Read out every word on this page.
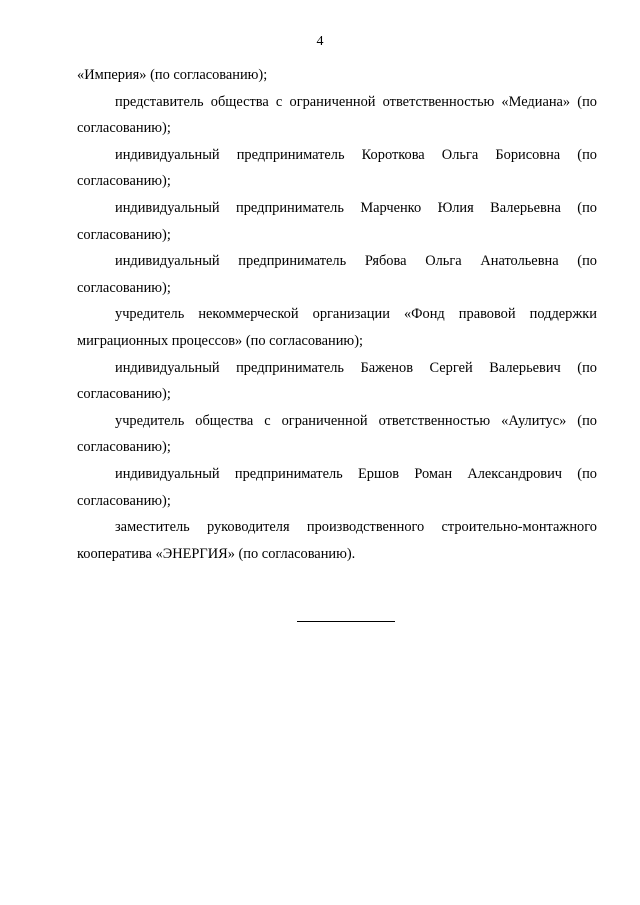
4

«Империя» (по согласованию);

представитель общества с ограниченной ответственностью «Медиана» (по согласованию);

индивидуальный предприниматель Короткова Ольга Борисовна (по согласованию);

индивидуальный предприниматель Марченко Юлия Валерьевна (по согласованию);

индивидуальный предприниматель Рябова Ольга Анатольевна (по согласованию);

учредитель некоммерческой организации «Фонд правовой поддержки миграционных процессов» (по согласованию);

индивидуальный предприниматель Баженов Сергей Валерьевич (по согласованию);

учредитель общества с ограниченной ответственностью «Аулитус» (по согласованию);

индивидуальный предприниматель Ершов Роман Александрович (по согласованию);

заместитель руководителя производственного строительно-монтажного кооператива «ЭНЕРГИЯ» (по согласованию).
